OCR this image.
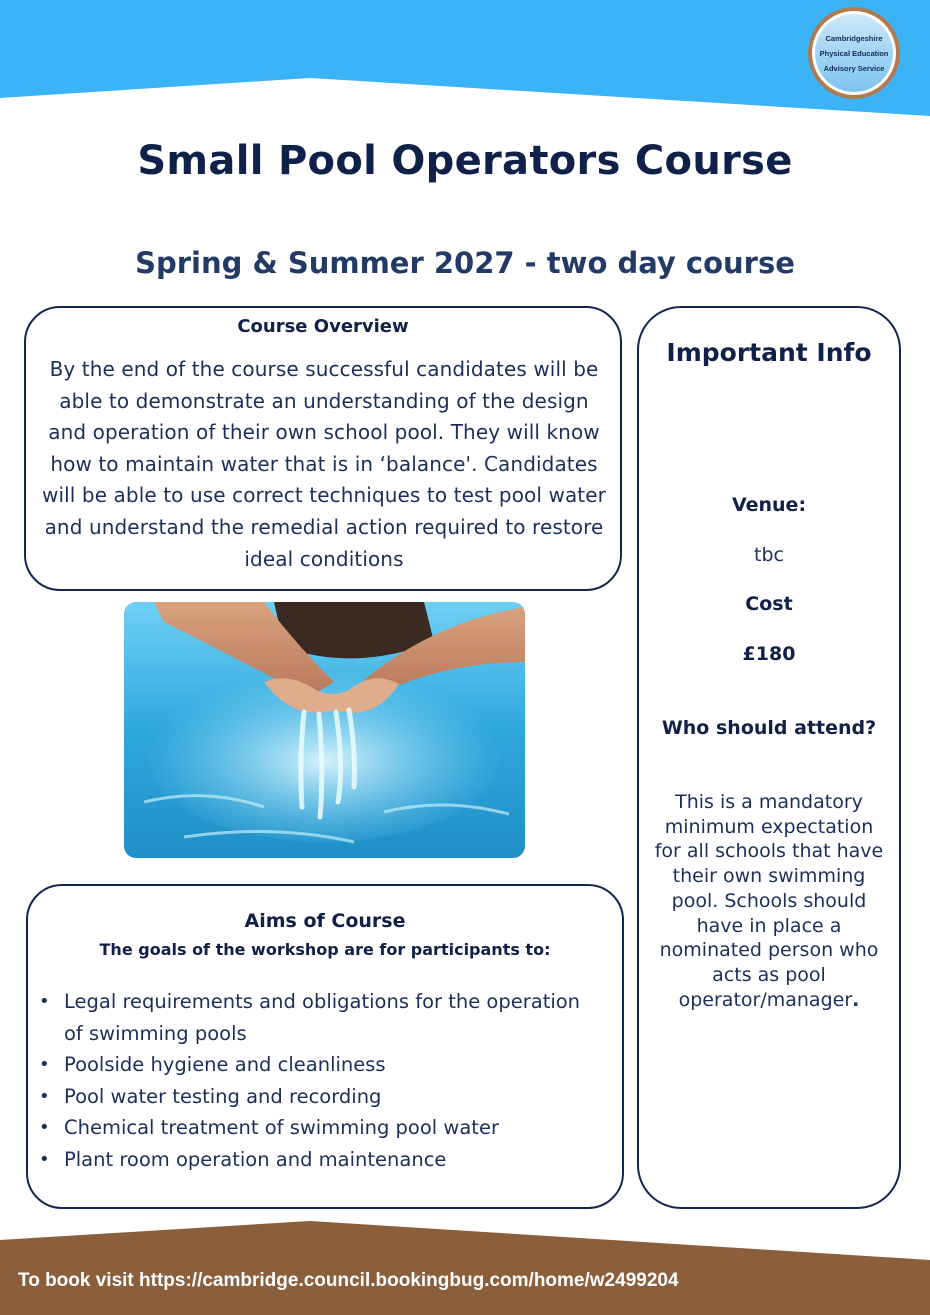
Cambridgeshire
Physical Education
Advisory Service
Small Pool Operators Course
Spring & Summer 2027 - two day course
Course Overview

By the end of the course successful candidates will be able to demonstrate an understanding of the design and operation of their own school pool. They will know how to maintain water that is in ‘balance'. Candidates will be able to use correct techniques to test pool water and understand the remedial action required to restore ideal conditions

Aims of Course
The goals of the workshop are for participants to:
• Legal requirements and obligations for the operation of swimming pools
• Poolside hygiene and cleanliness
• Pool water testing and recording
• Chemical treatment of swimming pool water
• Plant room operation and maintenance
Important Info
Venue:
tbc
Cost
£180
Who should attend?
This is a mandatory minimum expectation for all schools that have their own swimming pool. Schools should have in place a nominated person who acts as pool operator/manager.
To book visit https://cambridge.council.bookingbug.com/home/w2499204
